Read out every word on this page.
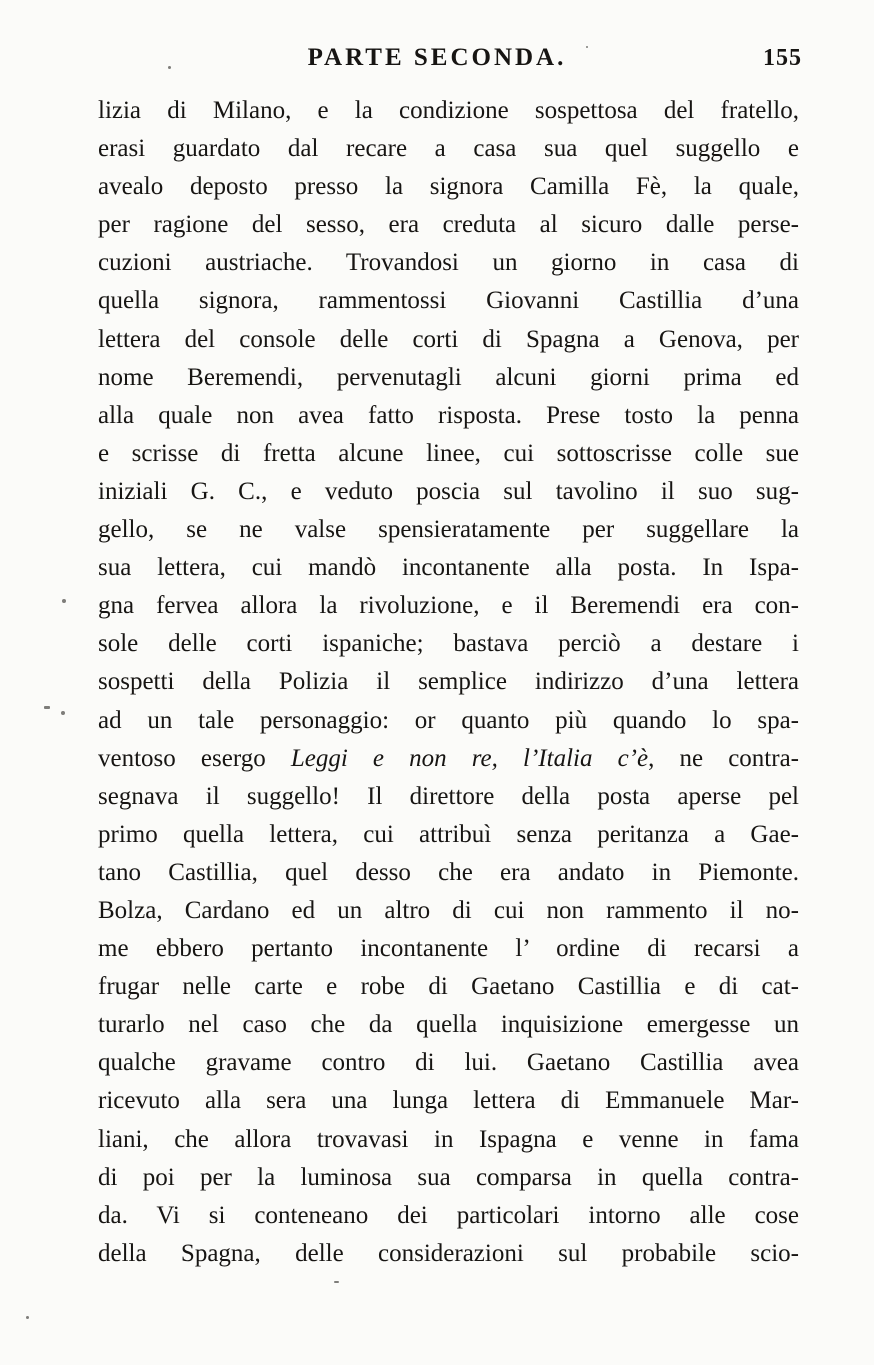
PARTE SECONDA.	155
lizia di Milano, e la condizione sospettosa del fratello,
erasi guardato dal recare a casa sua quel suggello e
avealo deposto presso la signora Camilla Fè, la quale,
per ragione del sesso, era creduta al sicuro dalle perse-
cuzioni austriache. Trovandosi un giorno in casa di
quella signora, rammentossi Giovanni Castillia d’una
lettera del console delle corti di Spagna a Genova, per
nome Beremendi, pervenutagli alcuni giorni prima ed
alla quale non avea fatto risposta. Prese tosto la penna
e scrisse di fretta alcune linee, cui sottoscrisse colle sue
iniziali G. C., e veduto poscia sul tavolino il suo sug-
gello, se ne valse spensieratamente per suggellare la
sua lettera, cui mandò incontanente alla posta. In Ispa-
gna fervea allora la rivoluzione, e il Beremendi era con-
sole delle corti ispaniche; bastava perciò a destare i
sospetti della Polizia il semplice indirizzo d’una lettera
ad un tale personaggio: or quanto più quando lo spa-
ventoso esergo Leggi e non re, l’Italia c’è, ne contra-
segnava il suggello! Il direttore della posta aperse pel
primo quella lettera, cui attribuì senza peritanza a Gae-
tano Castillia, quel desso che era andato in Piemonte.
Bolza, Cardano ed un altro di cui non rammento il no-
me ebbero pertanto incontanente l’ ordine di recarsi a
frugar nelle carte e robe di Gaetano Castillia e di cat-
turarlo nel caso che da quella inquisizione emergesse un
qualche gravame contro di lui. Gaetano Castillia avea
ricevuto alla sera una lunga lettera di Emmanuele Mar-
liani, che allora trovavasi in Ispagna e venne in fama
di poi per la luminosa sua comparsa in quella contra-
da. Vi si conteneano dei particolari intorno alle cose
della Spagna, delle considerazioni sul probabile scio-
